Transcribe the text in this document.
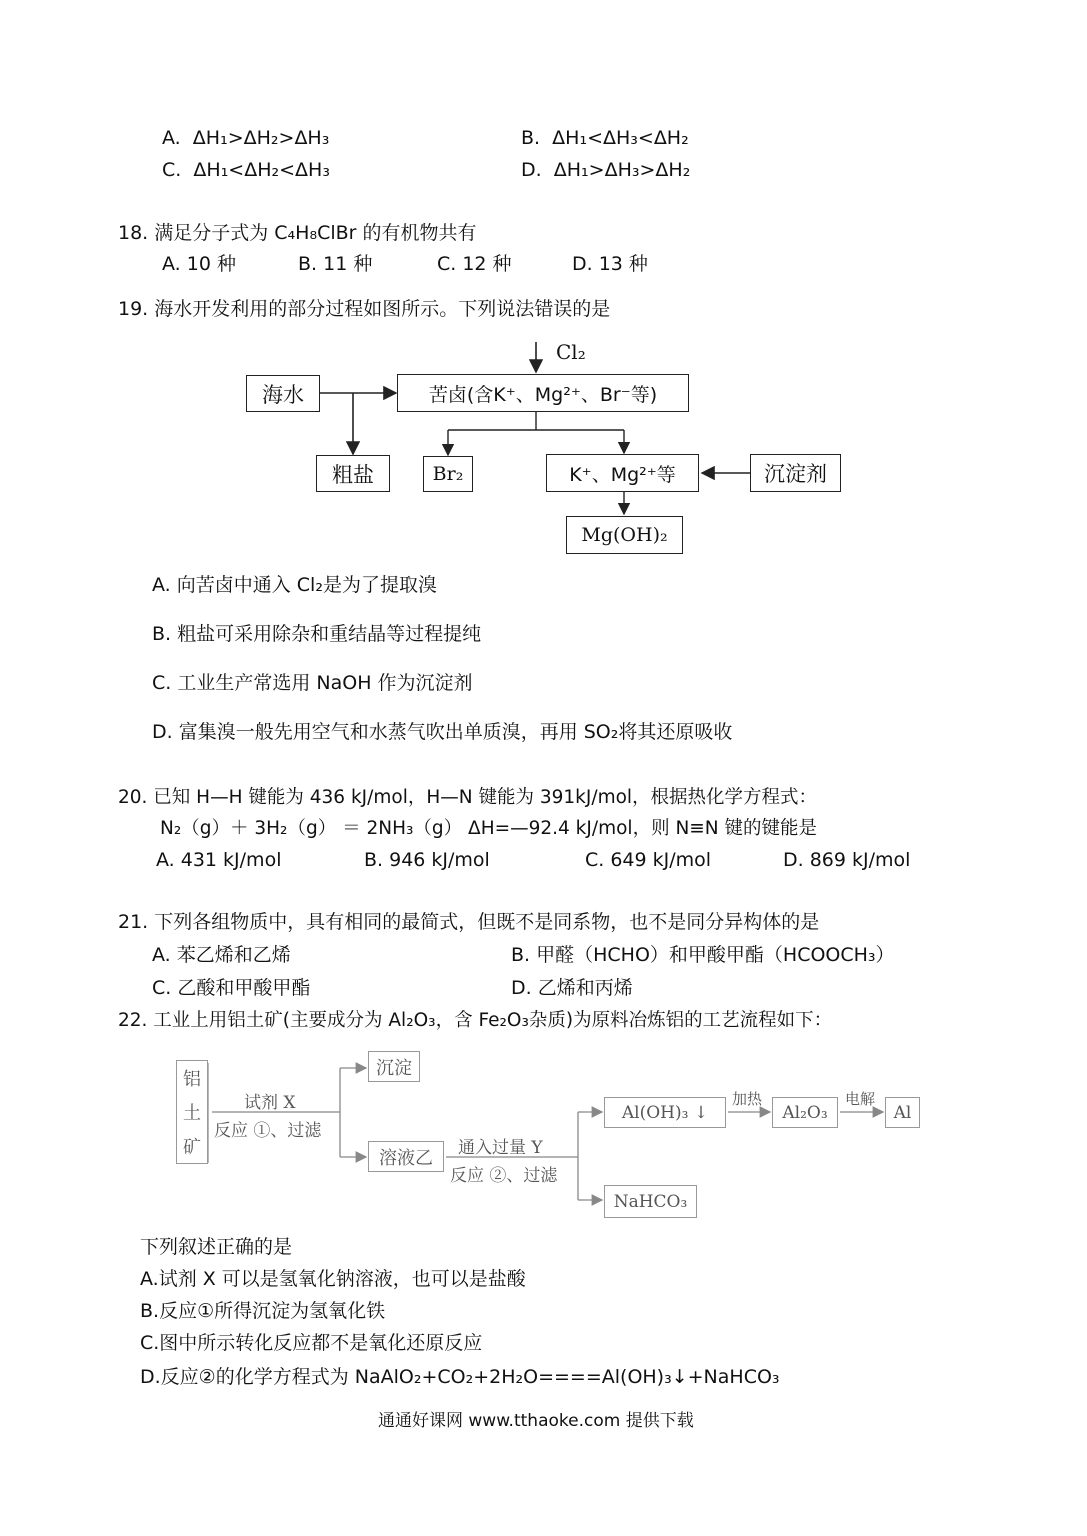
A. ΔH₁>ΔH₂>ΔH₃	B. ΔH₁<ΔH₃<ΔH₂
C. ΔH₁<ΔH₂<ΔH₃	D. ΔH₁>ΔH₃>ΔH₂
18. 满足分子式为 C₄H₈ClBr 的有机物共有
A. 10 种	B. 11 种	C. 12 种	D. 13 种
19. 海水开发利用的部分过程如图所示。下列说法错误的是
Cl₂
海水	苦卤(含K⁺、Mg²⁺、Br⁻等)
粗盐	Br₂	K⁺、Mg²⁺等	沉淀剂
Mg(OH)₂
A. 向苦卤中通入 Cl₂是为了提取溴
B. 粗盐可采用除杂和重结晶等过程提纯
C. 工业生产常选用 NaOH 作为沉淀剂
D. 富集溴一般先用空气和水蒸气吹出单质溴，再用 SO₂将其还原吸收
20. 已知 H—H 键能为 436 kJ/mol，H—N 键能为 391kJ/mol，根据热化学方程式：
N₂（g）＋ 3H₂（g） ＝ 2NH₃（g） ΔH=—92.4 kJ/mol，则 N≡N 键的键能是
A. 431 kJ/mol	B. 946 kJ/mol	C. 649 kJ/mol	D. 869 kJ/mol
21. 下列各组物质中，具有相同的最简式，但既不是同系物，也不是同分异构体的是
A. 苯乙烯和乙烯	B. 甲醛（HCHO）和甲酸甲酯（HCOOCH₃）
C. 乙酸和甲酸甲酯	D. 乙烯和丙烯
22. 工业上用铝土矿(主要成分为 Al₂O₃，含 Fe₂O₃杂质)为原料冶炼铝的工艺流程如下：
铝
土
矿
试剂 X
反应 ①、过滤
沉淀
溶液乙 通入过量 Y
反应 ②、过滤
Al(OH)₃ ↓
加热
Al₂O₃
电解
Al
NaHCO₃
下列叙述正确的是
A.试剂 X 可以是氢氧化钠溶液，也可以是盐酸
B.反应①所得沉淀为氢氧化铁
C.图中所示转化反应都不是氧化还原反应
D.反应②的化学方程式为 NaAlO₂+CO₂+2H₂O====Al(OH)₃↓+NaHCO₃
通通好课网 www.tthaoke.com 提供下载
